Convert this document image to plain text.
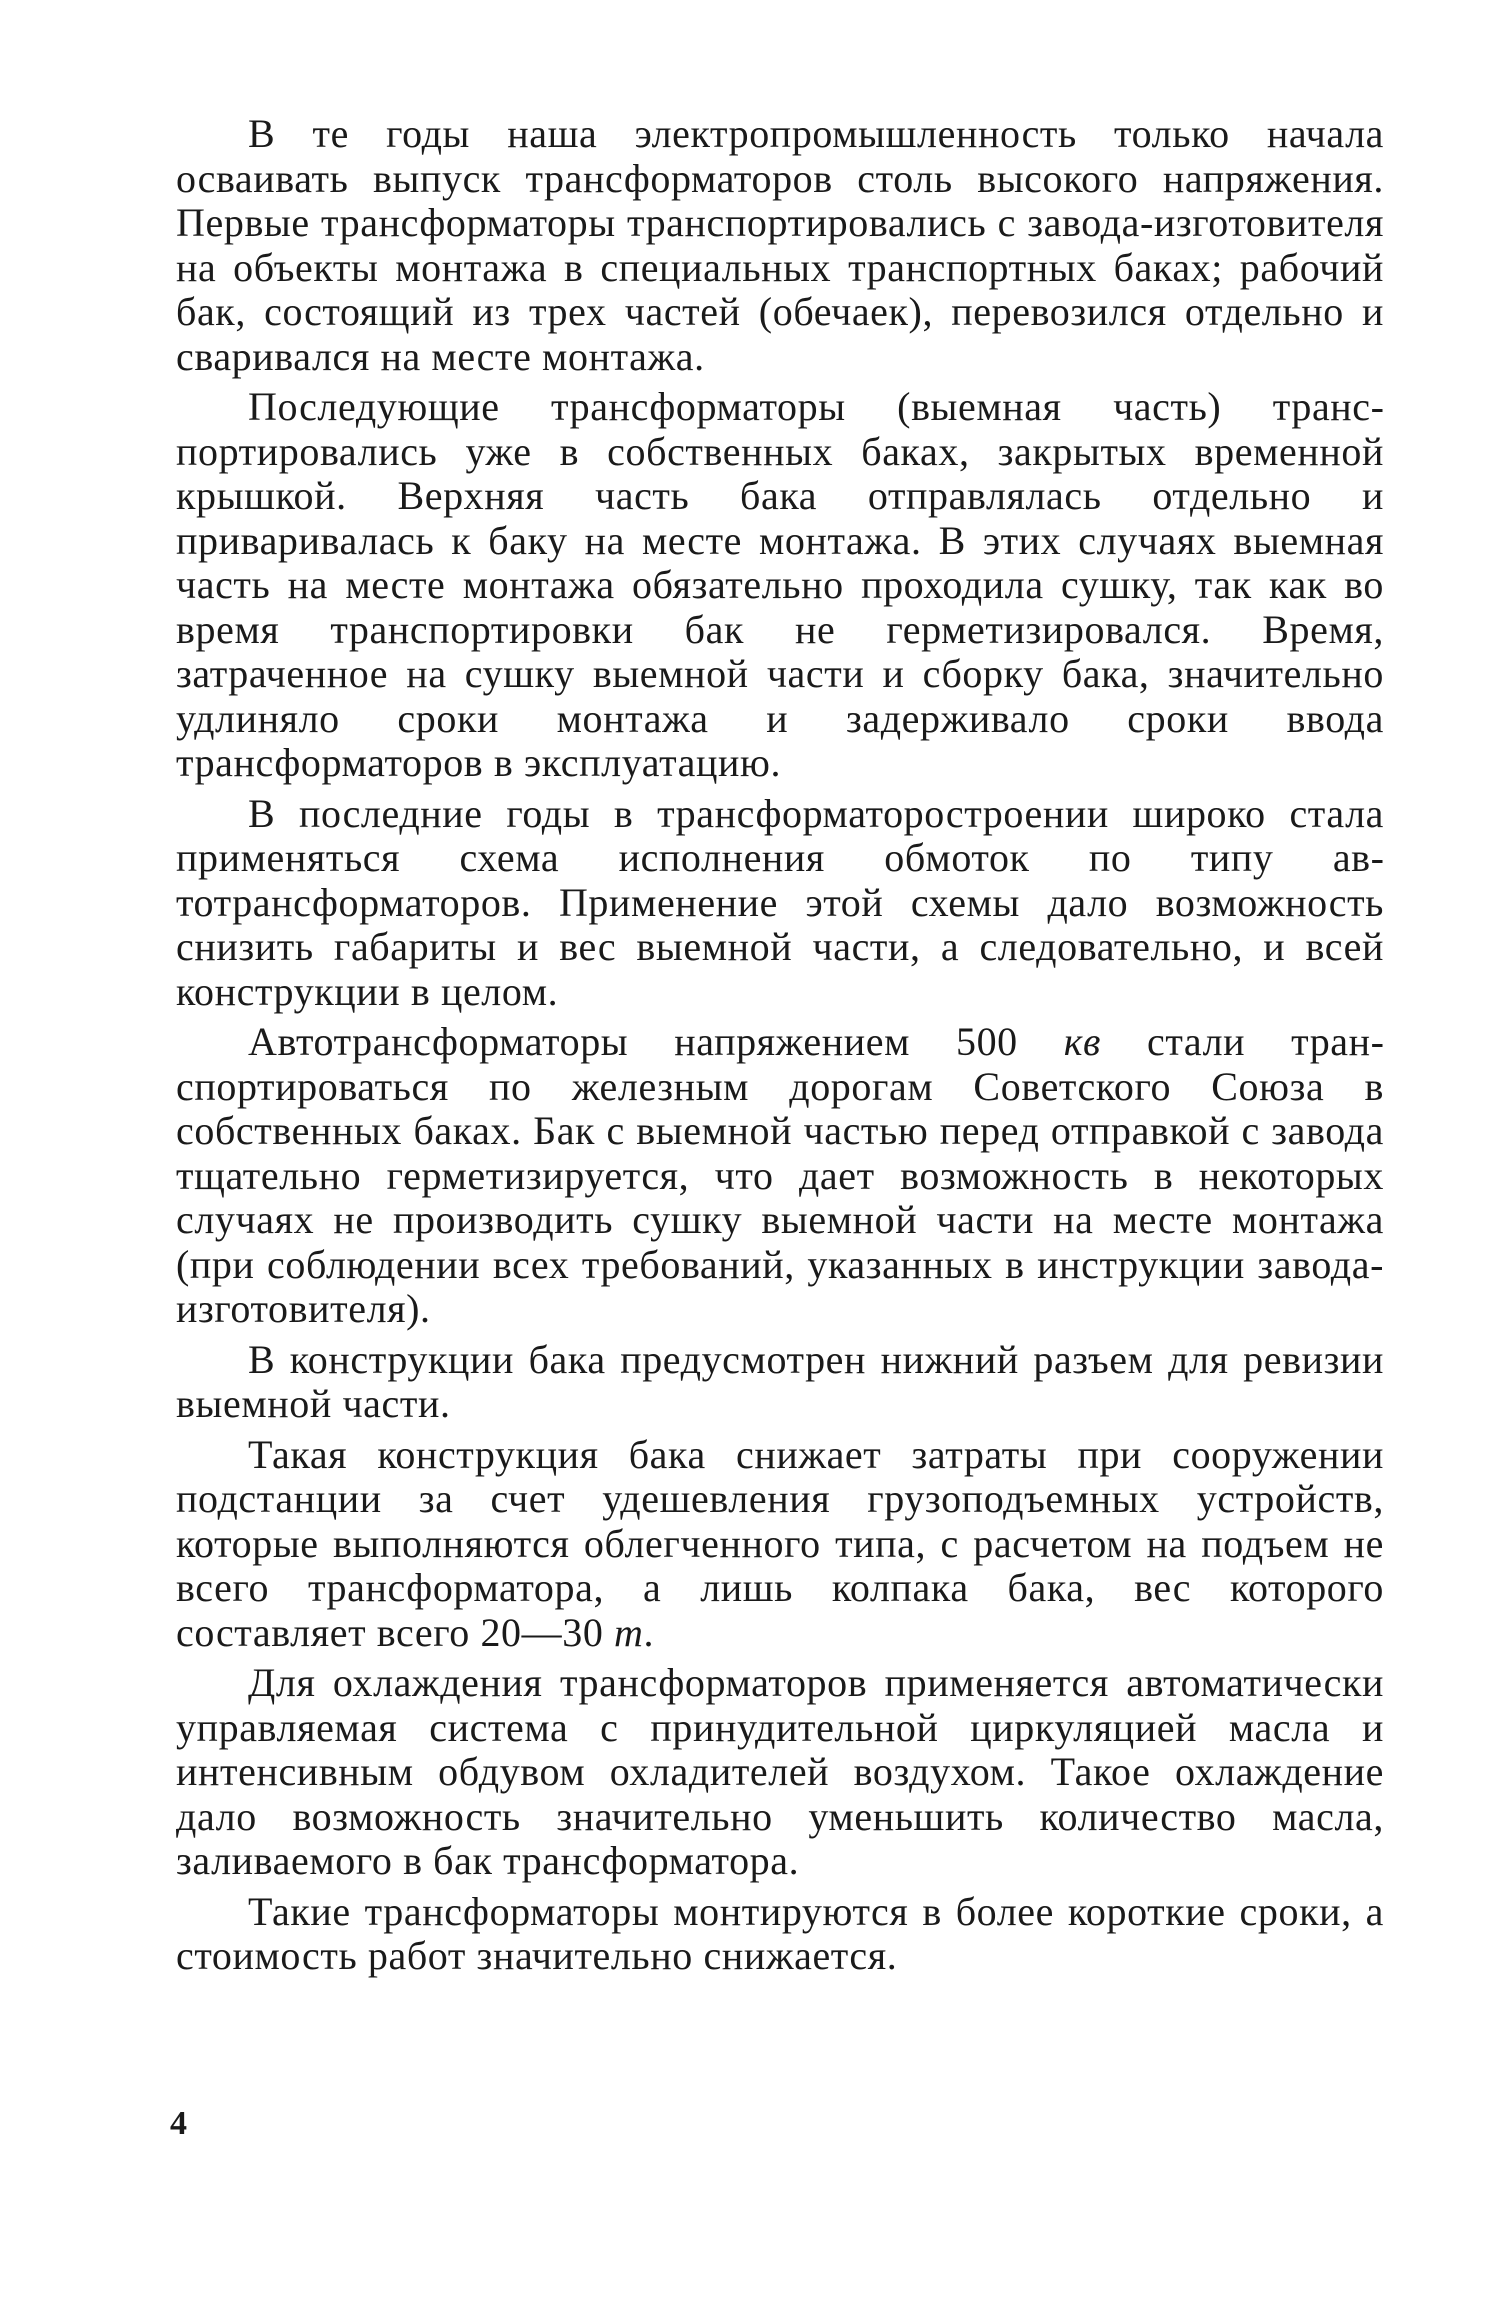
В те годы наша электропромышленность только начала осваивать выпуск трансформаторов столь высокого напряжения. Первые трансформаторы транспортировались с завода-изготовителя на объекты монтажа в специальных транспортных баках; рабочий бак, состоящий из трех частей (обечаек), перевозился отдельно и сваривался на месте монтажа.

Последующие трансформаторы (выемная часть) транспортировались уже в собственных баках, закрытых временной крышкой. Верхняя часть бака отправлялась отдельно и приваривалась к баку на месте монтажа. В этих случаях выемная часть на месте монтажа обязательно проходила сушку, так как во время транспортировки бак не герметизировался. Время, затраченное на сушку выемной части и сборку бака, значительно удлиняло сроки монтажа и задерживало сроки ввода трансформаторов в эксплуатацию.

В последние годы в трансформаторостроении широко стала применяться схема исполнения обмоток по типу автотрансформаторов. Применение этой схемы дало возможность снизить габариты и вес выемной части, а следовательно, и всей конструкции в целом.

Автотрансформаторы напряжением 500 кв стали транспортироваться по железным дорогам Советского Союза в собственных баках. Бак с выемной частью перед отправкой с завода тщательно герметизируется, что дает возможность в некоторых случаях не производить сушку выемной части на месте монтажа (при соблюдении всех требований, указанных в инструкции завода-изготовителя).

В конструкции бака предусмотрен нижний разъем для ревизии выемной части.

Такая конструкция бака снижает затраты при сооружении подстанции за счет удешевления грузоподъемных устройств, которые выполняются облегченного типа, с расчетом на подъем не всего трансформатора, а лишь колпака бака, вес которого составляет всего 20—30 т.

Для охлаждения трансформаторов применяется автоматически управляемая система с принудительной циркуляцией масла и интенсивным обдувом охладителей воздухом. Такое охлаждение дало возможность значительно уменьшить количество масла, заливаемого в бак трансформатора.

Такие трансформаторы монтируются в более короткие сроки, а стоимость работ значительно снижается.

4
